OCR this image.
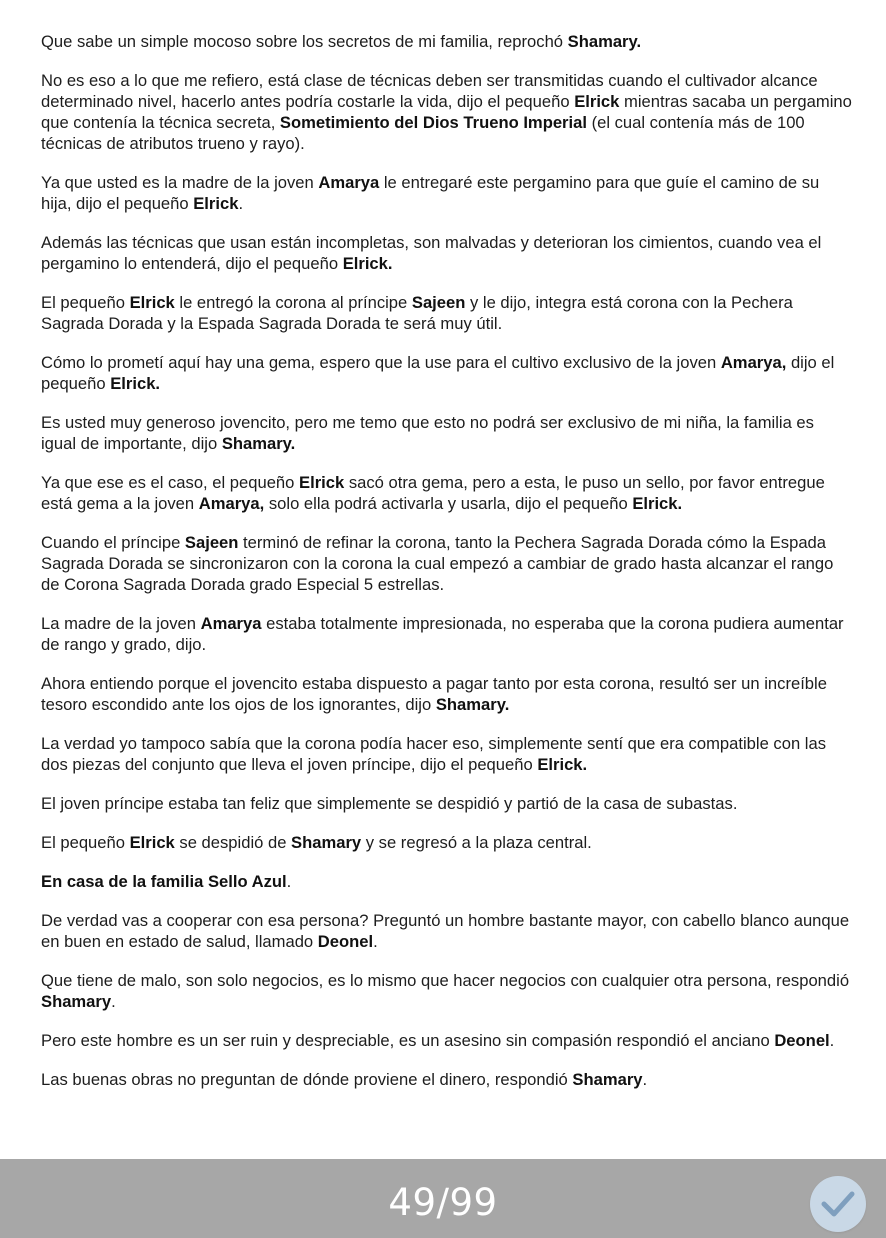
Que sabe un simple mocoso sobre los secretos de mi familia, reprochó Shamary.

No es eso a lo que me refiero, está clase de técnicas deben ser transmitidas cuando el cultivador alcance determinado nivel, hacerlo antes podría costarle la vida, dijo el pequeño Elrick mientras sacaba un pergamino que contenía la técnica secreta, Sometimiento del Dios Trueno Imperial (el cual contenía más de 100 técnicas de atributos trueno y rayo).

Ya que usted es la madre de la joven Amarya le entregaré este pergamino para que guíe el camino de su hija, dijo el pequeño Elrick.

Además las técnicas que usan están incompletas, son malvadas y deterioran los cimientos, cuando vea el pergamino lo entenderá, dijo el pequeño Elrick.

El pequeño Elrick le entregó la corona al príncipe Sajeen y le dijo, integra está corona con la Pechera Sagrada Dorada y la Espada Sagrada Dorada te será muy útil.

Cómo lo prometí aquí hay una gema, espero que la use para el cultivo exclusivo de la joven Amarya, dijo el pequeño Elrick.

Es usted muy generoso jovencito, pero me temo que esto no podrá ser exclusivo de mi niña, la familia es igual de importante, dijo Shamary.

Ya que ese es el caso, el pequeño Elrick sacó otra gema, pero a esta, le puso un sello, por favor entregue está gema a la joven Amarya, solo ella podrá activarla y usarla, dijo el pequeño Elrick.

Cuando el príncipe Sajeen terminó de refinar la corona, tanto la Pechera Sagrada Dorada cómo la Espada Sagrada Dorada se sincronizaron con la corona la cual empezó a cambiar de grado hasta alcanzar el rango de Corona Sagrada Dorada grado Especial 5 estrellas.

La madre de la joven Amarya estaba totalmente impresionada, no esperaba que la corona pudiera aumentar de rango y grado, dijo.

Ahora entiendo porque el jovencito estaba dispuesto a pagar tanto por esta corona, resultó ser un increíble tesoro escondido ante los ojos de los ignorantes, dijo Shamary.

La verdad yo tampoco sabía que la corona podía hacer eso, simplemente sentí que era compatible con las dos piezas del conjunto que lleva el joven príncipe, dijo el pequeño Elrick.

El joven príncipe estaba tan feliz que simplemente se despidió y partió de la casa de subastas.

El pequeño Elrick se despidió de Shamary y se regresó a la plaza central.

En casa de la familia Sello Azul.

De verdad vas a cooperar con esa persona? Preguntó un hombre bastante mayor, con cabello blanco aunque en buen en estado de salud, llamado Deonel.

Que tiene de malo, son solo negocios, es lo mismo que hacer negocios con cualquier otra persona, respondió Shamary.

Pero este hombre es un ser ruin y despreciable, es un asesino sin compasión respondió el anciano Deonel.

Las buenas obras no preguntan de dónde proviene el dinero, respondió Shamary.

49/99
